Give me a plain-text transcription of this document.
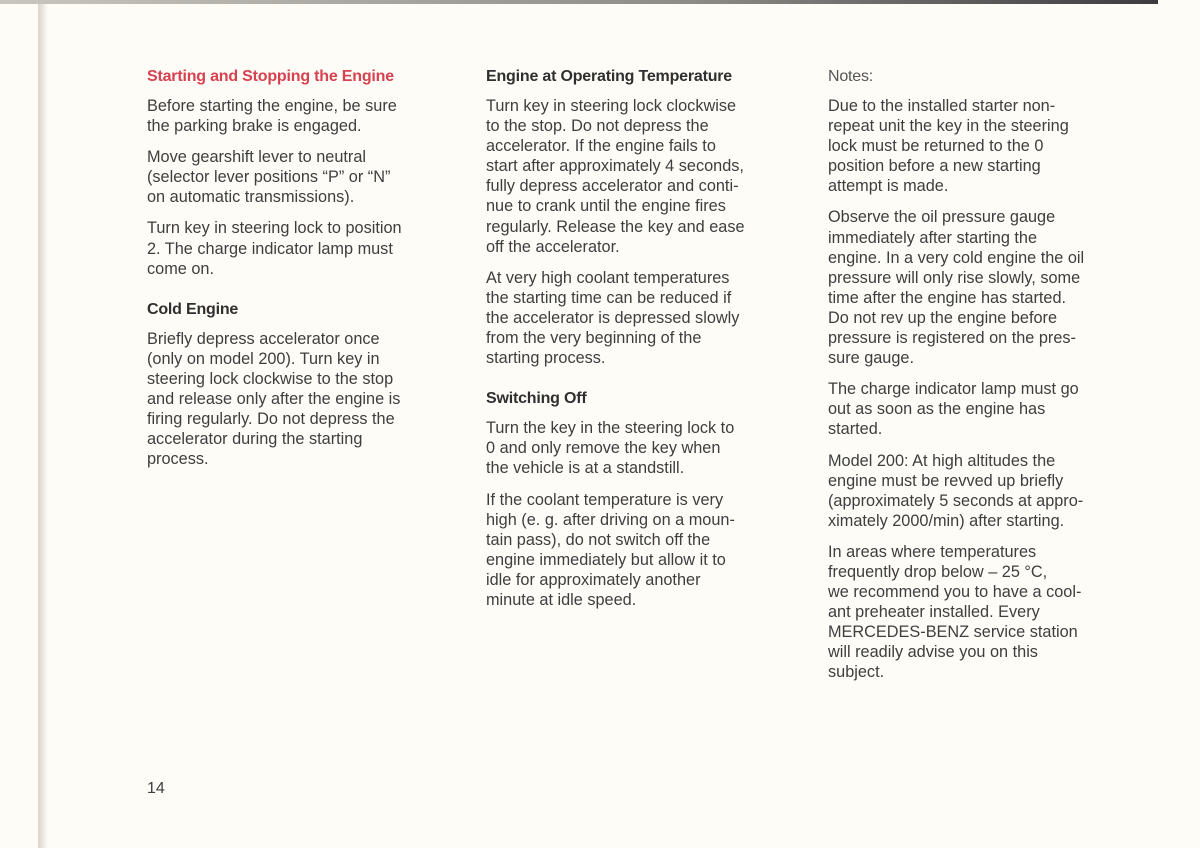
Starting and Stopping the Engine

Before starting the engine, be sure
the parking brake is engaged.

Move gearshift lever to neutral
(selector lever positions “P” or “N”
on automatic transmissions).

Turn key in steering lock to position
2. The charge indicator lamp must
come on.

Cold Engine

Briefly depress accelerator once
(only on model 200). Turn key in
steering lock clockwise to the stop
and release only after the engine is
firing regularly. Do not depress the
accelerator during the starting
process.

Engine at Operating Temperature

Turn key in steering lock clockwise
to the stop. Do not depress the
accelerator. If the engine fails to
start after approximately 4 seconds,
fully depress accelerator and conti-
nue to crank until the engine fires
regularly. Release the key and ease
off the accelerator.

At very high coolant temperatures
the starting time can be reduced if
the accelerator is depressed slowly
from the very beginning of the
starting process.

Switching Off

Turn the key in the steering lock to
0 and only remove the key when
the vehicle is at a standstill.

If the coolant temperature is very
high (e. g. after driving on a moun-
tain pass), do not switch off the
engine immediately but allow it to
idle for approximately another
minute at idle speed.

Notes:

Due to the installed starter non-
repeat unit the key in the steering
lock must be returned to the 0
position before a new starting
attempt is made.

Observe the oil pressure gauge
immediately after starting the
engine. In a very cold engine the oil
pressure will only rise slowly, some
time after the engine has started.
Do not rev up the engine before
pressure is registered on the pres-
sure gauge.

The charge indicator lamp must go
out as soon as the engine has
started.

Model 200: At high altitudes the
engine must be revved up briefly
(approximately 5 seconds at appro-
ximately 2000/min) after starting.

In areas where temperatures
frequently drop below – 25 °C,
we recommend you to have a cool-
ant preheater installed. Every
MERCEDES-BENZ service station
will readily advise you on this
subject.

14
